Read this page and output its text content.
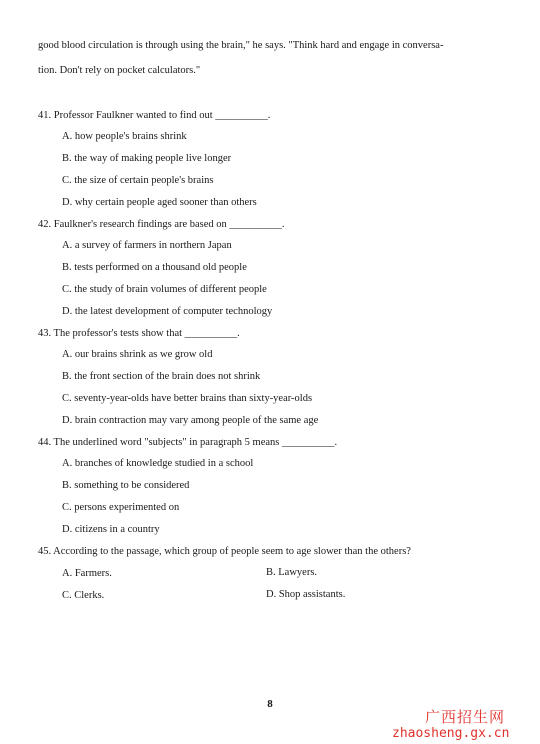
good blood circulation is through using the brain," he says. "Think hard and engage in conversa-
tion. Don't rely on pocket calculators."
41. Professor Faulkner wanted to find out __________.
A. how people's brains shrink
B. the way of making people live longer
C. the size of certain people's brains
D. why certain people aged sooner than others
42. Faulkner's research findings are based on __________.
A. a survey of farmers in northern Japan
B. tests performed on a thousand old people
C. the study of brain volumes of different people
D. the latest development of computer technology
43. The professor's tests show that __________.
A. our brains shrink as we grow old
B. the front section of the brain does not shrink
C. seventy-year-olds have better brains than sixty-year-olds
D. brain contraction may vary among people of the same age
44. The underlined word "subjects" in paragraph 5 means __________.
A. branches of knowledge studied in a school
B. something to be considered
C. persons experimented on
D. citizens in a country
45. According to the passage, which group of people seem to age slower than the others?
A. Farmers.	B. Lawyers.
C. Clerks.	D. Shop assistants.
8
广西招生网
zhaosheng.gx.cn
